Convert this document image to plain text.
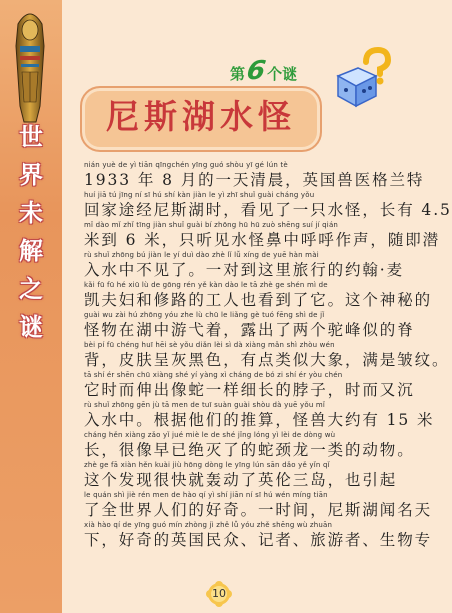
世
界
未
解
之
谜
第 6 个谜
尼斯湖水怪
nián yuè de yì tiān qīngchén yīng guó shòu yī gé lún tè
1933 年 8 月的一天清晨，英国兽医格兰特
huí jiā tú jīng ní sī hú shí kàn jiàn le yì zhī shuǐ guài cháng yǒu
回家途经尼斯湖时，看见了一只水怪，长有 4.5
mǐ dào mǐ zhǐ tīng jiàn shuǐ guài bí zhōng hū hū zuò shēng suí jí qián
米到 6 米，只听见水怪鼻中呼呼作声，随即潜
rù shuǐ zhōng bú jiàn le yí duì dào zhè lǐ lǚ xíng de yuē hàn mài
入水中不见了。一对到这里旅行的约翰·麦
kǎi fū fū hé xiū lù de gōng rén yě kàn dào le tā zhè ge shén mì de
凯夫妇和修路的工人也看到了它。这个神秘的
guài wu zài hú zhōng yóu zhe lù chū le liǎng gè tuó fēng shì de jǐ
怪物在湖中游弋着，露出了两个驼峰似的脊
bèi pí fū chéng huī hēi sè yǒu diǎn lèi sì dà xiàng mǎn shì zhòu wén
背，皮肤呈灰黑色，有点类似大象，满是皱纹。
tā shí ér shēn chū xiàng shé yí yàng xì cháng de bó zi shí ér yòu chén
它时而伸出像蛇一样细长的脖子，时而又沉
rù shuǐ zhōng gēn jù tā men de tuī suàn guài shòu dà yuē yǒu mǐ
入水中。根据他们的推算，怪兽大约有 15 米
cháng hěn xiàng zǎo yǐ jué miè le de shé jǐng lóng yì lèi de dòng wù
长，很像早已绝灭了的蛇颈龙一类的动物。
zhè ge fā xiàn hěn kuài jiù hōng dòng le yīng lún sān dǎo yě yǐn qǐ
这个发现很快就轰动了英伦三岛，也引起
le quán shì jiè rén men de hào qí yì shí jiān ní sī hú wén míng tiān
了全世界人们的好奇。一时间，尼斯湖闻名天
xià hào qí de yīng guó mín zhòng jì zhě lǚ yóu zhě shēng wù zhuān
下，好奇的英国民众、记者、旅游者、生物专
10
